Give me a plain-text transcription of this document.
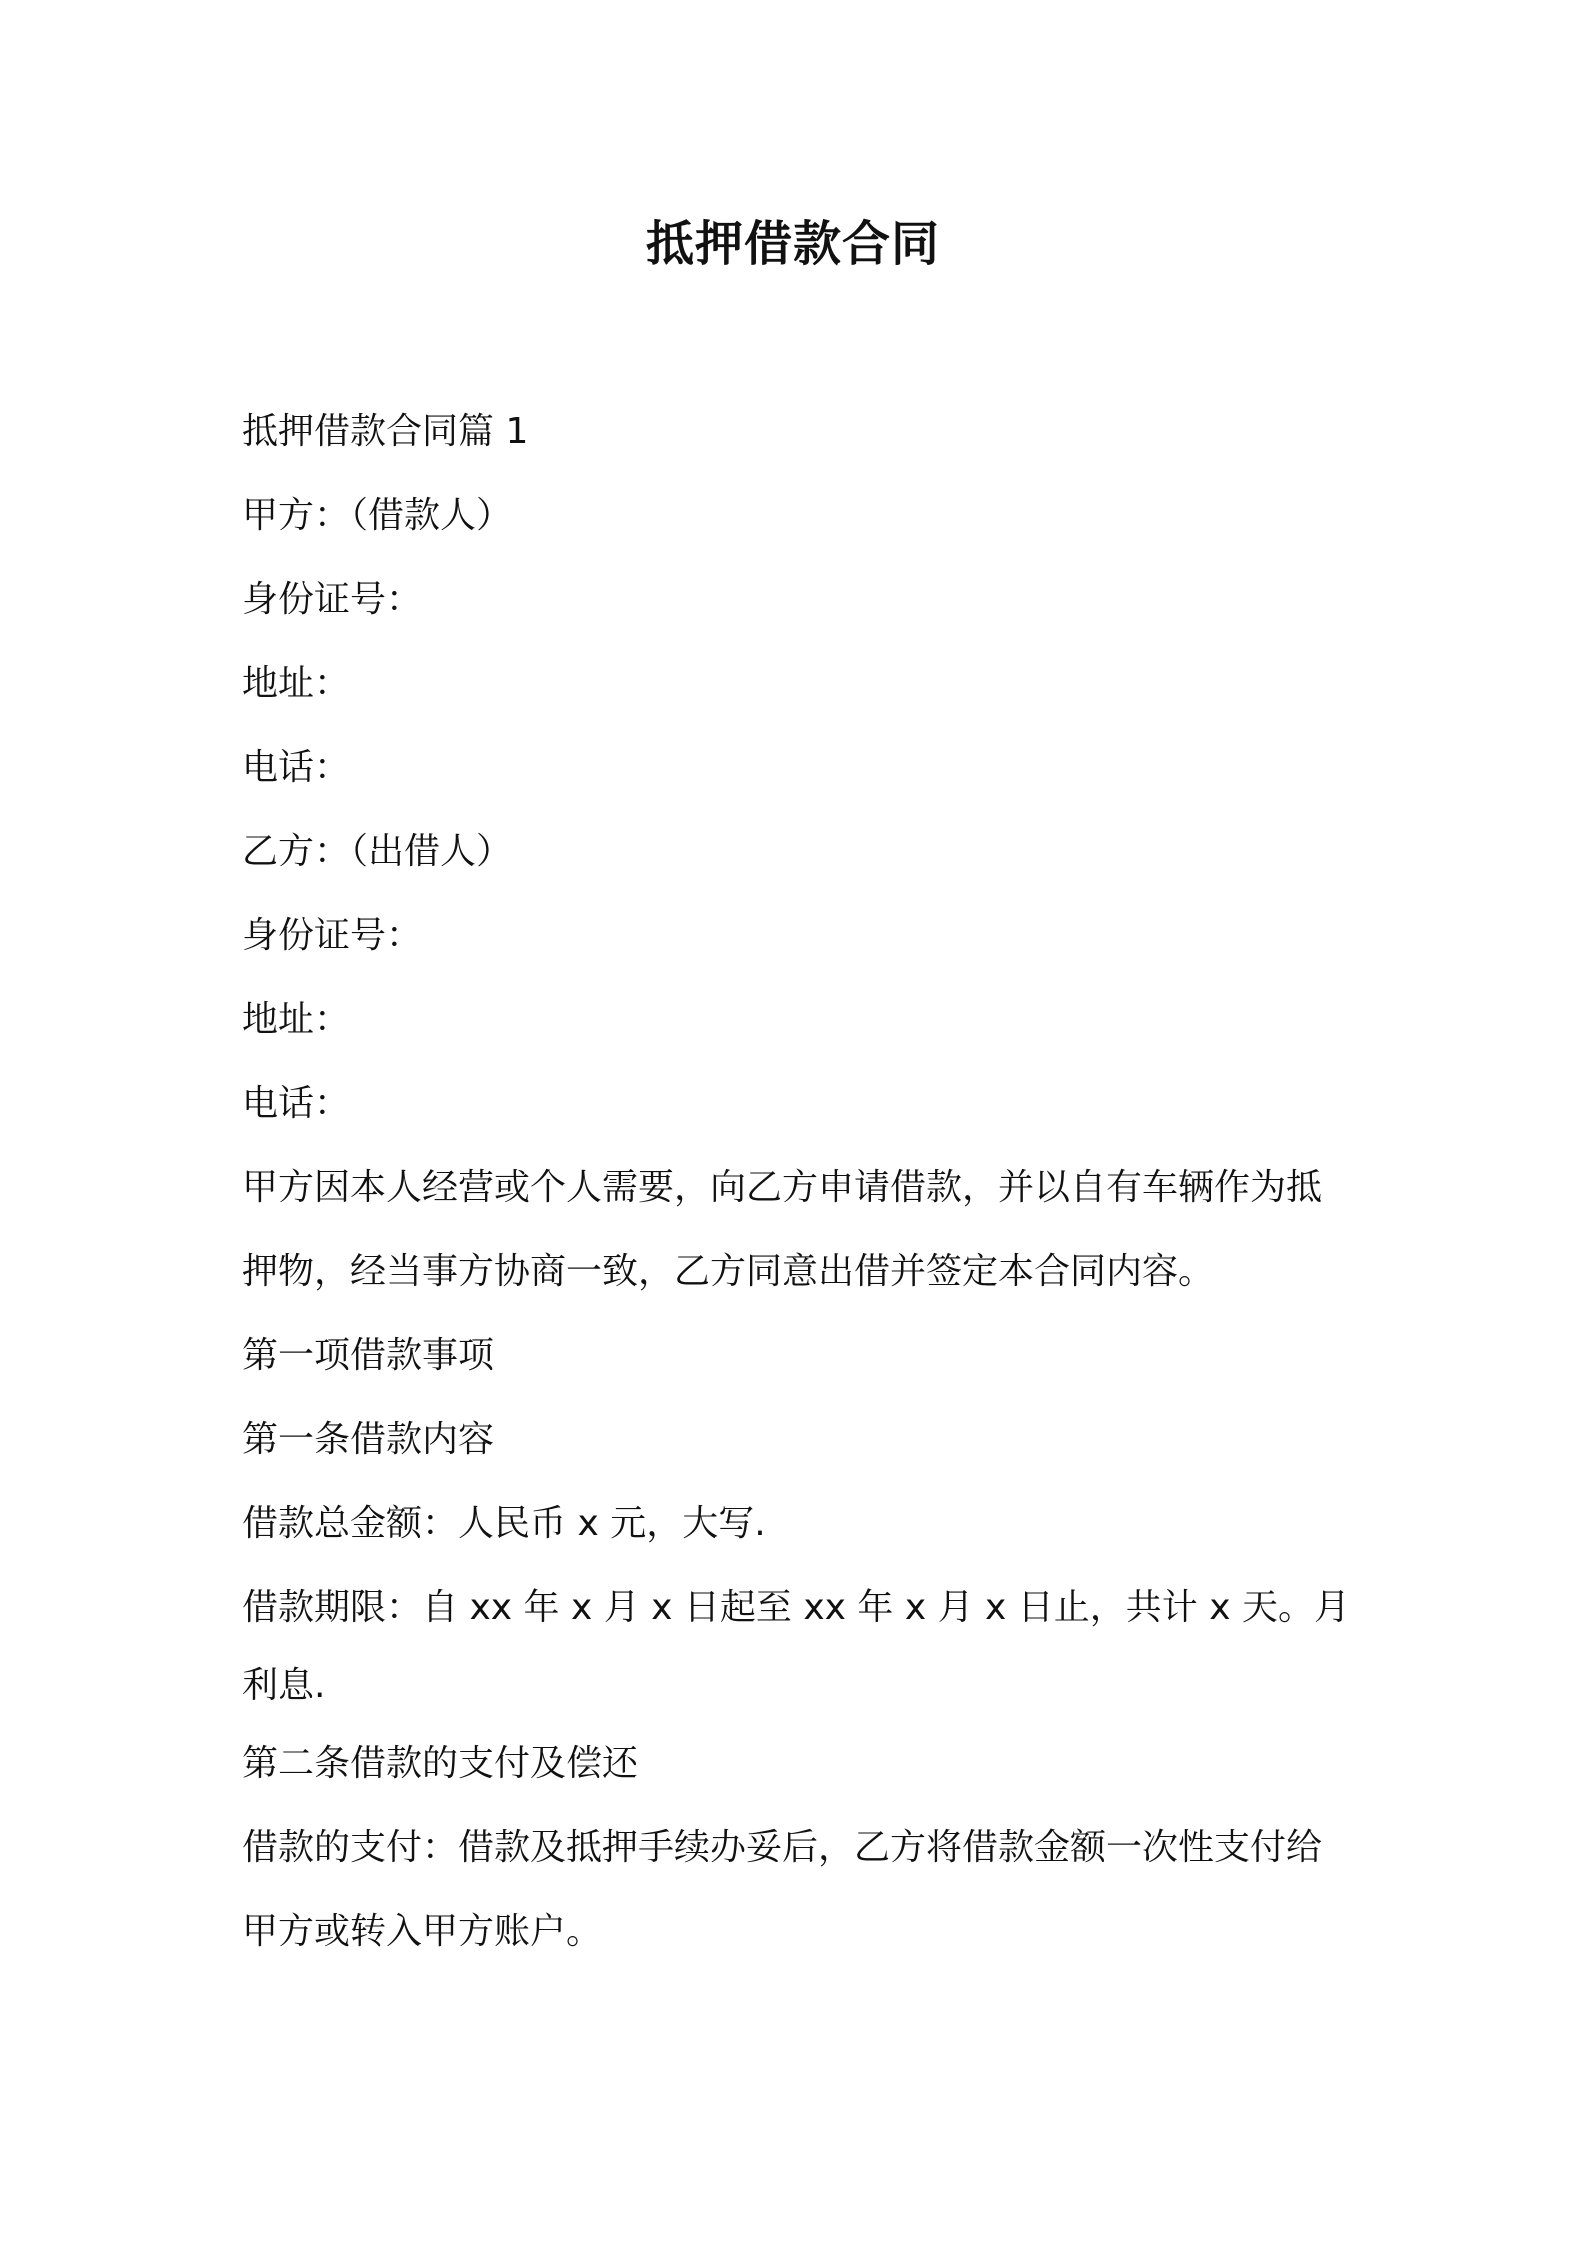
抵押借款合同

抵押借款合同篇 1

甲方：（借款人）

身份证号：

地址：

电话：

乙方：（出借人）

身份证号：

地址：

电话：

甲方因本人经营或个人需要，向乙方申请借款，并以自有车辆作为抵

押物，经当事方协商一致，乙方同意出借并签定本合同内容。

第一项借款事项

第一条借款内容

借款总金额：人民币 x 元，大写.

借款期限：自 xx 年 x 月 x 日起至 xx 年 x 月 x 日止，共计 x 天。月

利息.

第二条借款的支付及偿还

借款的支付：借款及抵押手续办妥后，乙方将借款金额一次性支付给

甲方或转入甲方账户。
